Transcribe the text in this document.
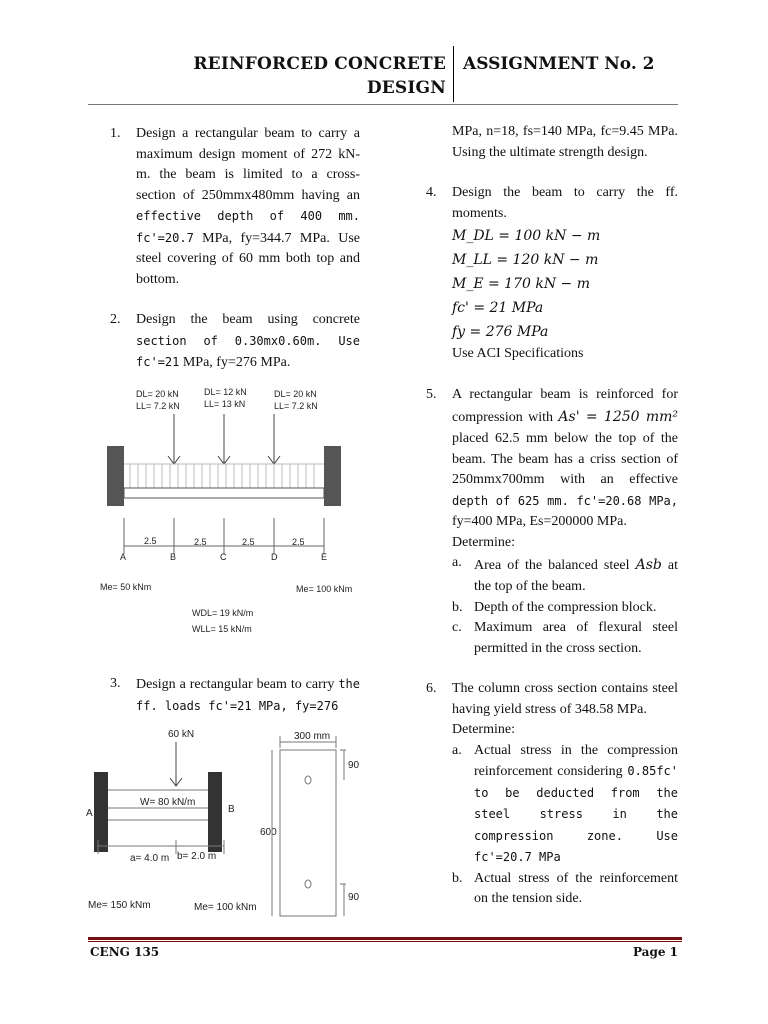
REINFORCED CONCRETE
DESIGN
ASSIGNMENT No. 2
1. Design a rectangular beam to carry a maximum design moment of 272 kN-m. the beam is limited to a cross-section of 250mmx480mm having an effective depth of 400 mm. fc'=20.7 MPa, fy=344.7 MPa. Use steel covering of 60 mm both top and bottom.
2. Design the beam using concrete section of 0.30mx0.60m. Use fc'=21 MPa, fy=276 MPa.
3. Design a rectangular beam to carry the ff. loads fc'=21 MPa, fy=276
DL= 20 kN
LL= 7.2 kN
DL= 12 kN
LL= 13 kN
DL= 20 kN
LL= 7.2 kN
2.5	2.5	2.5	2.5
A	B	C	D	E
Me= 50 kNm	Me= 100 kNm
WDL= 19 kN/m
WLL= 15 kN/m
60 kN
W= 80 kN/m
A	B
a= 4.0 m b= 2.0 m
Me= 150 kNm	Me= 100 kNm
300 mm
600
90
90

MPa, n=18, fs=140 MPa, fc=9.45 MPa. Using the ultimate strength design.

4. Design the beam to carry the ff. moments.
M_DL = 100 kN − m
M_LL = 120 kN − m
M_E = 170 kN − m
fc' = 21 MPa
fy = 276 MPa
Use ACI Specifications
5. A rectangular beam is reinforced for compression with As' = 1250 mm² placed 62.5 mm below the top of the beam. The beam has a criss section of 250mmx700mm with an effective depth of 625 mm. fc'=20.68 MPa, fy=400 MPa, Es=200000 MPa.
Determine:
a. Area of the balanced steel Asb at the top of the beam.
b. Depth of the compression block.
c. Maximum area of flexural steel permitted in the cross section.
6. The column cross section contains steel having yield stress of 348.58 MPa.
Determine:
a. Actual stress in the compression reinforcement considering 0.85fc' to be deducted from the steel stress in the compression zone. Use fc'=20.7 MPa
b. Actual stress of the reinforcement on the tension side.
CENG 135	Page 1
